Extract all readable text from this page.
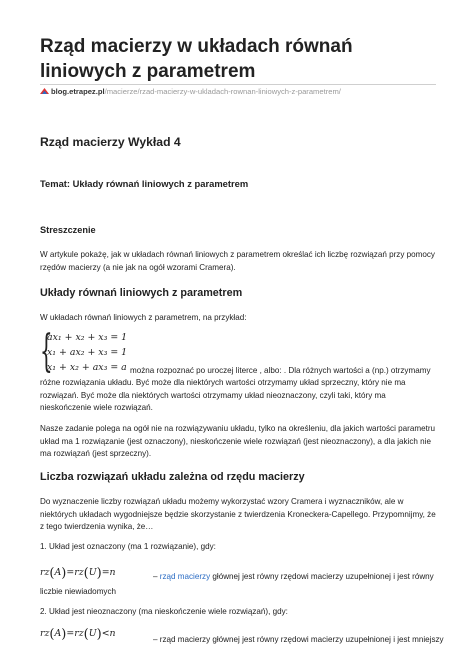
Rząd macierzy w układach równań liniowych z parametrem
blog.etrapez.pl/macierze/rzad-macierzy-w-ukladach-rownan-liniowych-z-parametrem/
Rząd macierzy Wykład 4
Temat: Układy równań liniowych z parametrem
Streszczenie

W artykule pokażę, jak w układach równań liniowych z parametrem określać ich liczbę rozwiązań przy pomocy rzędów macierzy (a nie jak na ogół wzorami Cramera).

Układy równań liniowych z parametrem

W układach równań liniowych z parametrem, na przykład:

{
ax₁ + x₂ + x₃ = 1
x₁ + ax₂ + x₃ = 1
x₁ + x₂ + ax₃ = a można rozpoznać po uroczej literce , albo: . Dla różnych wartości a (np.) otrzymamy

różne rozwiązania układu. Być może dla niektórych wartości otrzymamy układ sprzeczny, który nie ma rozwiązań. Być może dla niektórych wartości otrzymamy układ nieoznaczony, czyli taki, który ma nieskończenie wiele rozwiązań.

Nasze zadanie polega na ogół nie na rozwiązywaniu układu, tylko na określeniu, dla jakich wartości parametru układ ma 1 rozwiązanie (jest oznaczony), nieskończenie wiele rozwiązań (jest nieoznaczony), a dla jakich nie ma rozwiązań (jest sprzeczny).

Liczba rozwiązań układu zależna od rzędu macierzy

Do wyznaczenie liczby rozwiązań układu możemy wykorzystać wzory Cramera i wyznaczników, ale w niektórych układach wygodniejsze będzie skorzystanie z twierdzenia Kroneckera-Capellego. Przypomnijmy, że z tego twierdzenia wynika, że…

1. Układ jest oznaczony (ma 1 rozwiązanie), gdy:

rz(A)=rz(U)=n	– rząd macierzy głównej jest równy rzędowi macierzy uzupełnionej i jest równy

liczbie niewiadomych

2. Układ jest nieoznaczony (ma nieskończenie wiele rozwiązań), gdy:

rz(A)=rz(U)<n

– rząd macierzy głównej jest równy rzędowi macierzy uzupełnionej i jest mniejszy
